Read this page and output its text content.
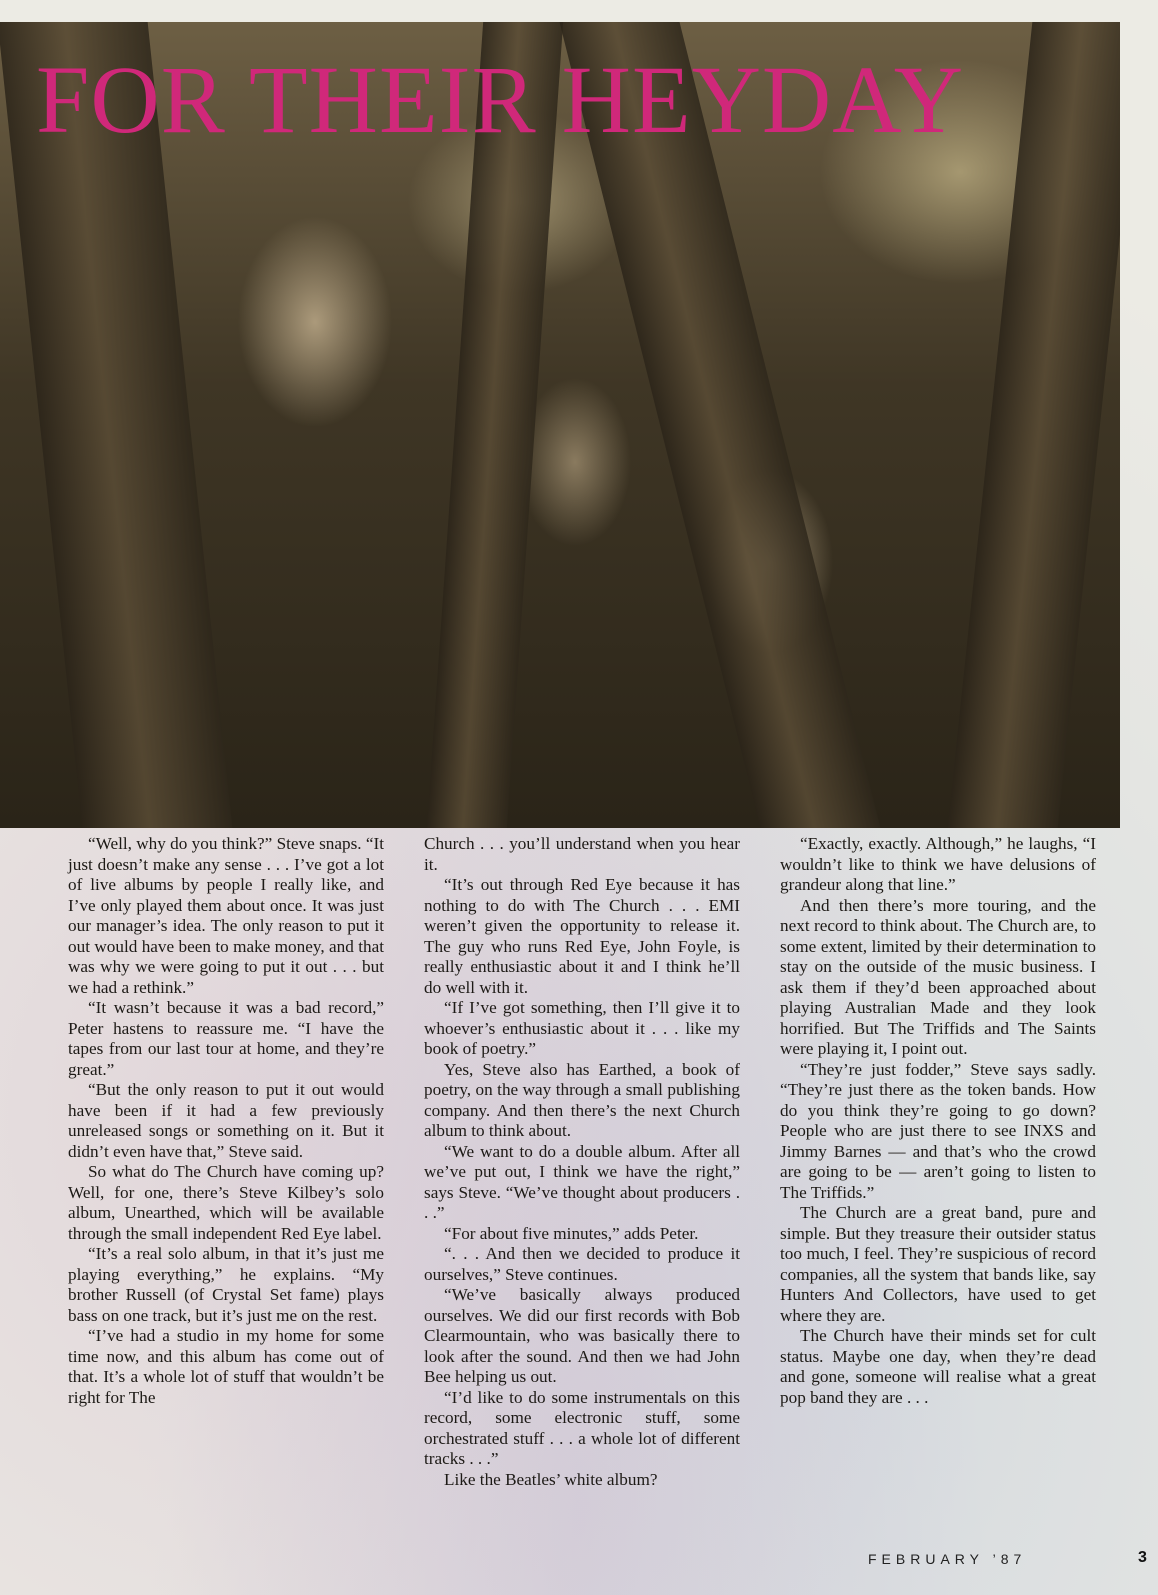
FOR THEIR HEYDAY

“Well, why do you think?” Steve snaps. “It just doesn’t make any sense . . . I’ve got a lot of live albums by people I really like, and I’ve only played them about once. It was just our manager’s idea. The only reason to put it out would have been to make money, and that was why we were going to put it out . . . but we had a rethink.”

“It wasn’t because it was a bad record,” Peter hastens to reassure me. “I have the tapes from our last tour at home, and they’re great.”

“But the only reason to put it out would have been if it had a few previously unreleased songs or something on it. But it didn’t even have that,” Steve said.

So what do The Church have coming up? Well, for one, there’s Steve Kilbey’s solo album, Unearthed, which will be available through the small independent Red Eye label.

“It’s a real solo album, in that it’s just me playing everything,” he explains. “My brother Russell (of Crystal Set fame) plays bass on one track, but it’s just me on the rest.

“I’ve had a studio in my home for some time now, and this album has come out of that. It’s a whole lot of stuff that wouldn’t be right for The

Church . . . you’ll understand when you hear it.

“It’s out through Red Eye because it has nothing to do with The Church . . . EMI weren’t given the opportunity to release it. The guy who runs Red Eye, John Foyle, is really enthusiastic about it and I think he’ll do well with it.

“If I’ve got something, then I’ll give it to whoever’s enthusiastic about it . . . like my book of poetry.”

Yes, Steve also has Earthed, a book of poetry, on the way through a small publishing company. And then there’s the next Church album to think about.

“We want to do a double album. After all we’ve put out, I think we have the right,” says Steve. “We’ve thought about producers . . .”

“For about five minutes,” adds Peter.

“. . . And then we decided to produce it ourselves,” Steve continues.

“We’ve basically always produced ourselves. We did our first records with Bob Clearmountain, who was basically there to look after the sound. And then we had John Bee helping us out.

“I’d like to do some instrumentals on this record, some electronic stuff, some orchestrated stuff . . . a whole lot of different tracks . . .”

Like the Beatles’ white album?

“Exactly, exactly. Although,” he laughs, “I wouldn’t like to think we have delusions of grandeur along that line.”

And then there’s more touring, and the next record to think about. The Church are, to some extent, limited by their determination to stay on the outside of the music business. I ask them if they’d been approached about playing Australian Made and they look horrified. But The Triffids and The Saints were playing it, I point out.

“They’re just fodder,” Steve says sadly. “They’re just there as the token bands. How do you think they’re going to go down? People who are just there to see INXS and Jimmy Barnes — and that’s who the crowd are going to be — aren’t going to listen to The Triffids.”

The Church are a great band, pure and simple. But they treasure their outsider status too much, I feel. They’re suspicious of record companies, all the system that bands like, say Hunters And Collectors, have used to get where they are.

The Church have their minds set for cult status. Maybe one day, when they’re dead and gone, someone will realise what a great pop band they are . . .

FEBRUARY ’87	3
